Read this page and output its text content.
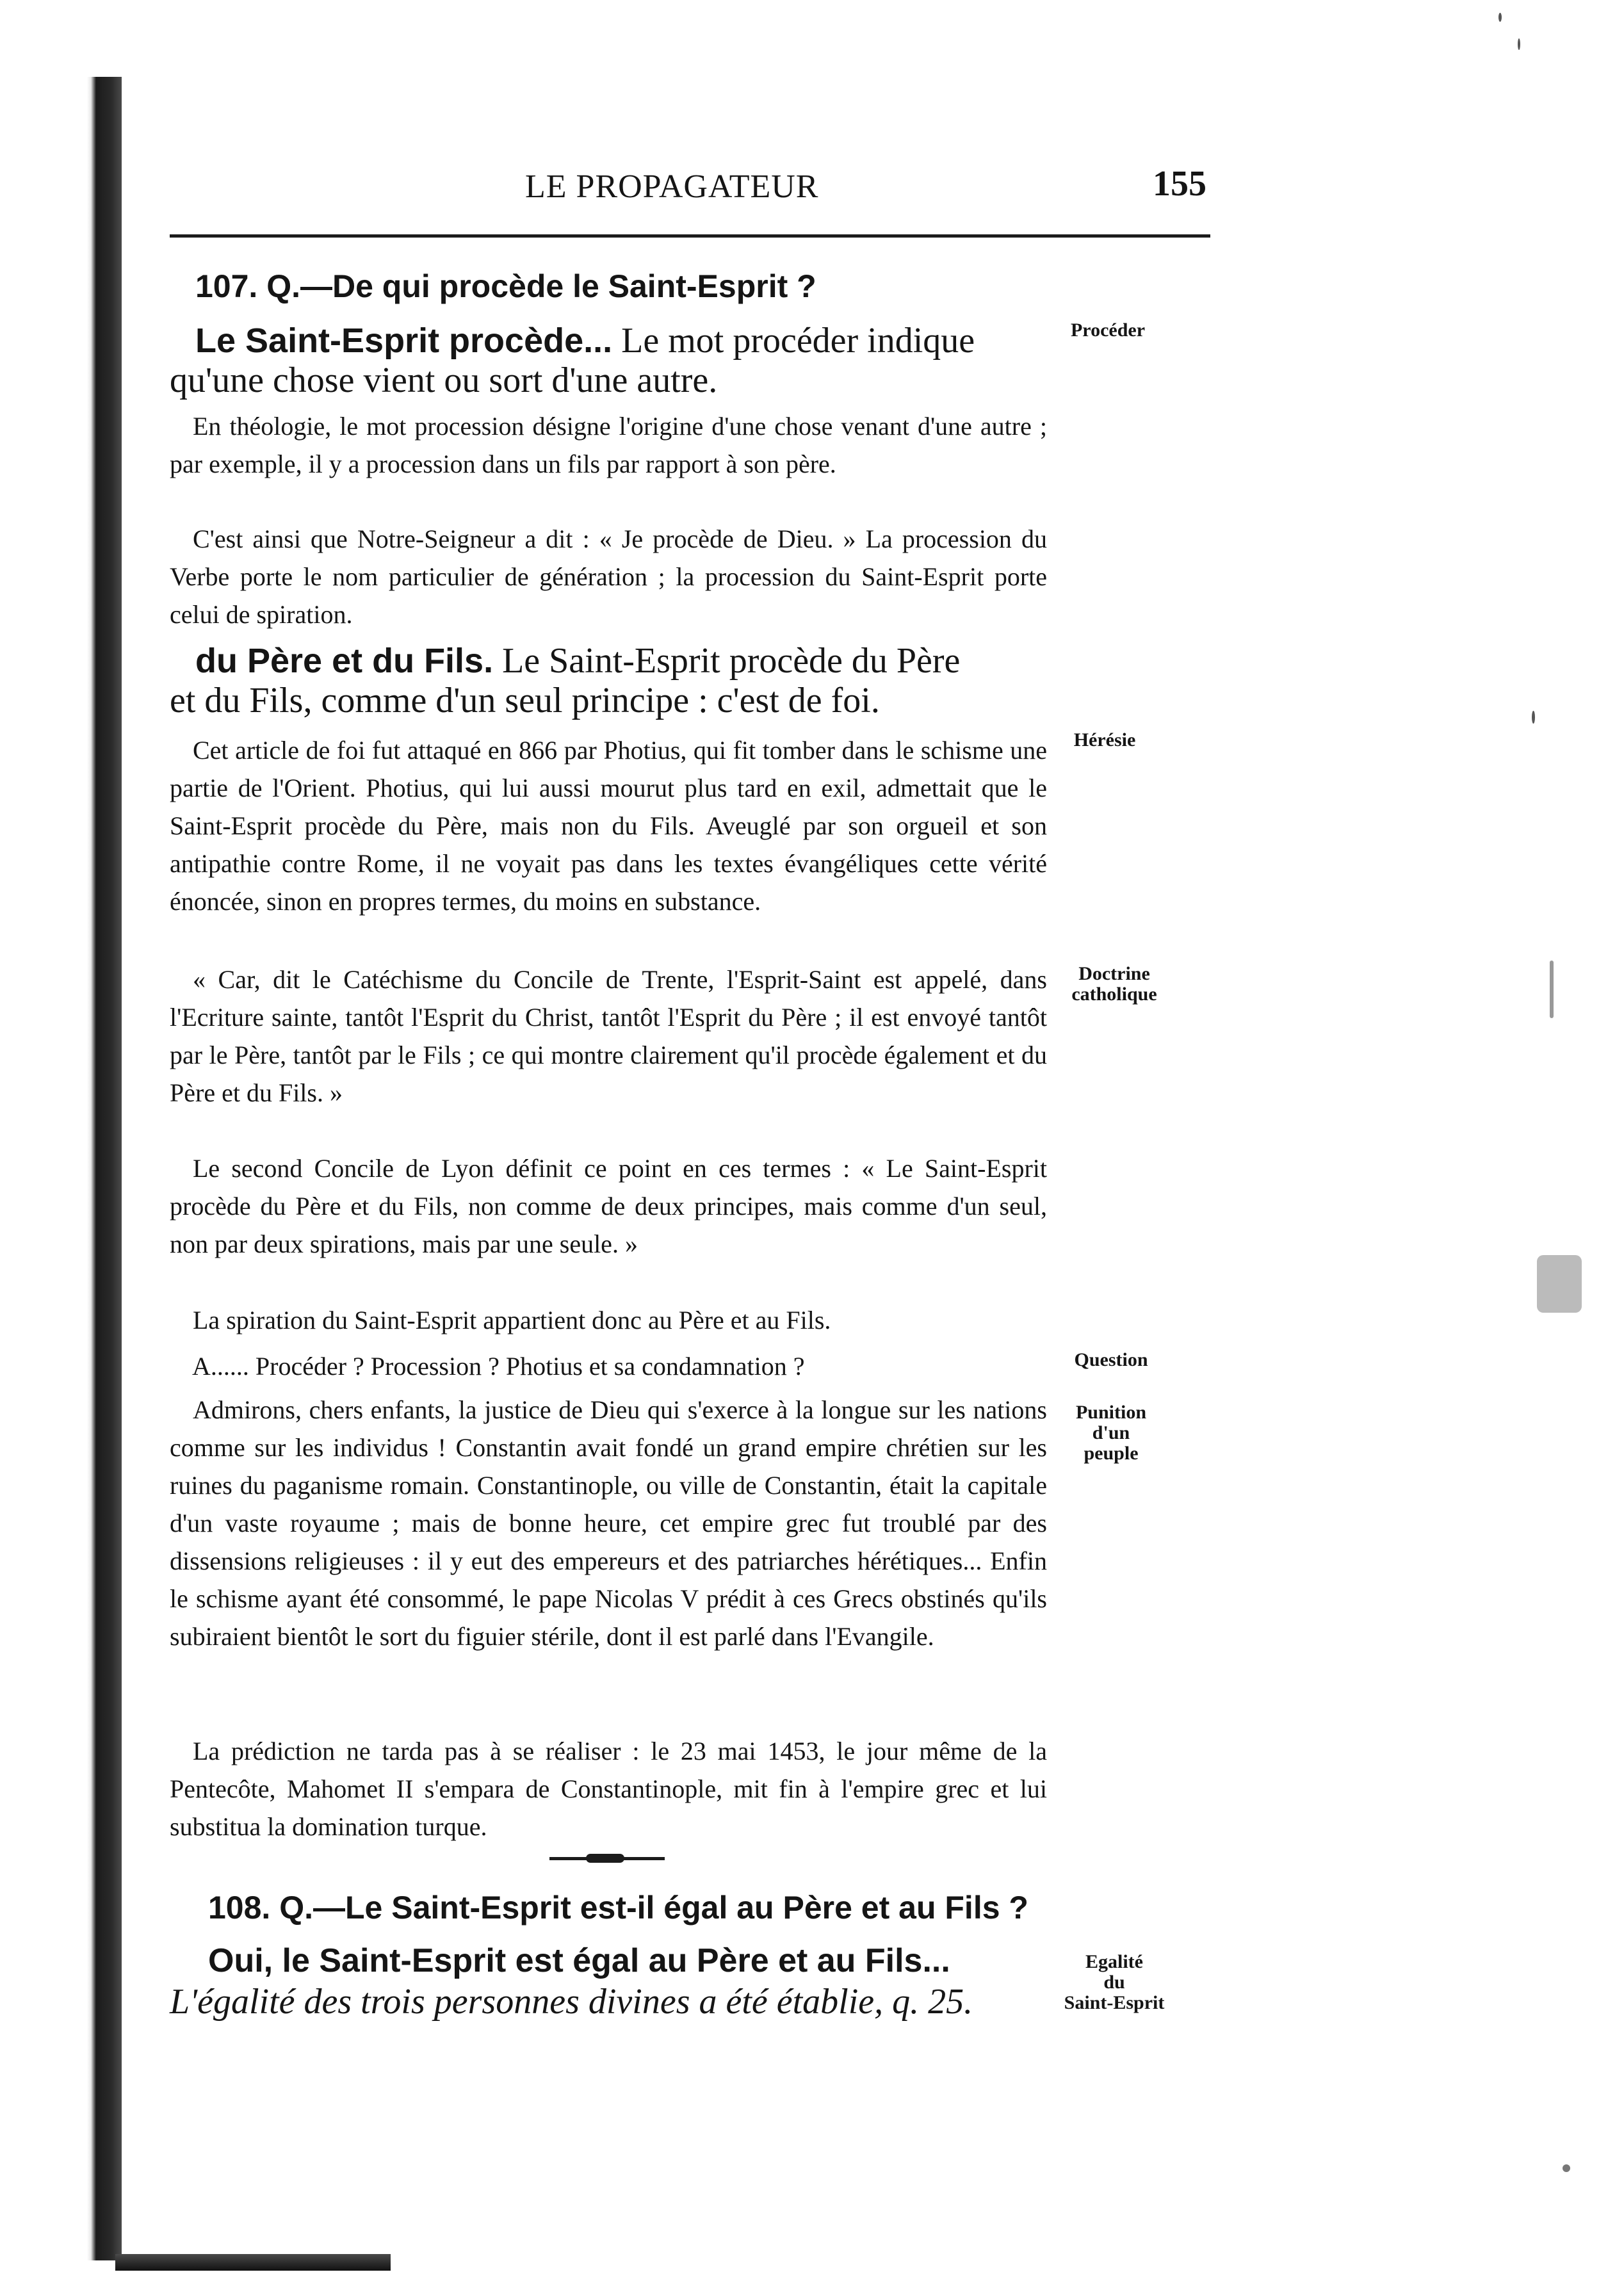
LE PROPAGATEUR	155
107. Q.—De qui procède le Saint-Esprit ?
Le Saint-Esprit procède... Le mot procéder indique
qu'une chose vient ou sort d'une autre.

En théologie, le mot procession désigne l'origine d'une chose venant d'une autre ; par exemple, il y a procession dans un fils par rapport à son père.

C'est ainsi que Notre-Seigneur a dit : « Je procède de Dieu. » La procession du Verbe porte le nom particulier de génération ; la procession du Saint-Esprit porte celui de spiration.

du Père et du Fils. Le Saint-Esprit procède du Père
et du Fils, comme d'un seul principe : c'est de foi.

Cet article de foi fut attaqué en 866 par Photius, qui fit tomber dans le schisme une partie de l'Orient. Photius, qui lui aussi mourut plus tard en exil, admettait que le Saint-Esprit procède du Père, mais non du Fils. Aveuglé par son orgueil et son antipathie contre Rome, il ne voyait pas dans les textes évangéliques cette vérité énoncée, sinon en propres termes, du moins en substance.

« Car, dit le Catéchisme du Concile de Trente, l'Esprit-Saint est appelé, dans l'Ecriture sainte, tantôt l'Esprit du Christ, tantôt l'Esprit du Père ; il est envoyé tantôt par le Père, tantôt par le Fils ; ce qui montre clairement qu'il procède également et du Père et du Fils. »

Le second Concile de Lyon définit ce point en ces termes : « Le Saint-Esprit procède du Père et du Fils, non comme de deux principes, mais comme d'un seul, non par deux spirations, mais par une seule. »

La spiration du Saint-Esprit appartient donc au Père et au Fils.

A...... Procéder ? Procession ? Photius et sa condamnation ?

Admirons, chers enfants, la justice de Dieu qui s'exerce à la longue sur les nations comme sur les individus ! Constantin avait fondé un grand empire chrétien sur les ruines du paganisme romain. Constantinople, ou ville de Constantin, était la capitale d'un vaste royaume ; mais de bonne heure, cet empire grec fut troublé par des dissensions religieuses : il y eut des empereurs et des patriarches hérétiques... Enfin le schisme ayant été consommé, le pape Nicolas V prédit à ces Grecs obstinés qu'ils subiraient bientôt le sort du figuier stérile, dont il est parlé dans l'Evangile.

La prédiction ne tarda pas à se réaliser : le 23 mai 1453, le jour même de la Pentecôte, Mahomet II s'empara de Constantinople, mit fin à l'empire grec et lui substitua la domination turque.

108. Q.—Le Saint-Esprit est-il égal au Père et au Fils ?
Oui, le Saint-Esprit est égal au Père et au Fils...
L'égalité des trois personnes divines a été établie, q. 25.
Procéder
Hérésie
Doctrine
catholique
Question
Punition
d'un
peuple
Egalité
du
Saint-Esprit
